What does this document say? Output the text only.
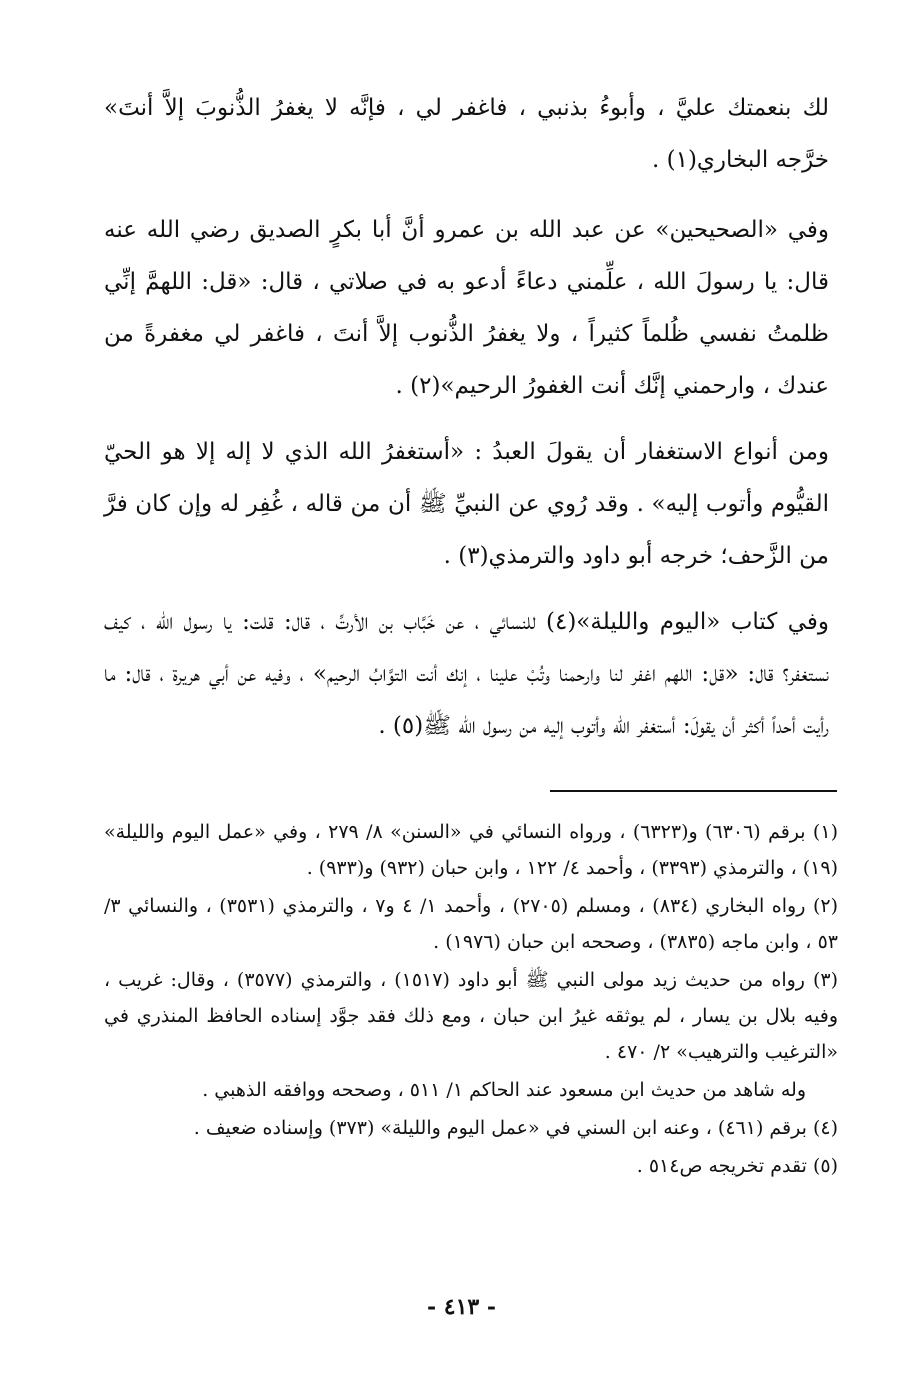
لك بنعمتك عليَّ ، وأبوءُ بذنبي ، فاغفر لي ، فإنَّه لا يغفرُ الذُّنوبَ إلاَّ أنتَ» خرَّجه البخاري(١) .

وفي «الصحيحين» عن عبد الله بن عمرو أنَّ أبا بكرٍ الصديق رضي الله عنه قال: يا رسولَ الله ، علِّمني دعاءً أدعو به في صلاتي ، قال: «قل: اللهمَّ إنِّي ظلمتُ نفسي ظُلماً كثيراً ، ولا يغفرُ الذُّنوب إلاَّ أنتَ ، فاغفر لي مغفرةً من عندك ، وارحمني إنَّك أنت الغفورُ الرحيم»(٢) .

ومن أنواع الاستغفار أن يقولَ العبدُ : «أستغفرُ الله الذي لا إله إلا هو الحيّ القيُّوم وأتوب إليه» . وقد رُوي عن النبيِّ ﷺ أن من قاله ، غُفِر له وإن كان فرَّ من الزَّحف؛ خرجه أبو داود والترمذي(٣) .

وفي كتاب «اليوم والليلة»(٤) للنسائي ، عن خَبَّاب بن الأرتِّ ، قال: قلت: يا رسول الله ، كيف نستغفر؟ قال: «قل: اللهم اغفر لنا وارحمنا وتُبْ علينا ، إنك أنت التوَّابُ الرحيم» ، وفيه عن أبي هريرة ، قال: ما رأيت أحداً أكثر أن يقولَ: أستغفر الله وأتوب إليه من رسول الله ﷺ(٥) .

(١) برقم (٦٣٠٦) و(٦٣٢٣) ، ورواه النسائي في «السنن» ٨/ ٢٧٩ ، وفي «عمل اليوم والليلة» (١٩) ، والترمذي (٣٣٩٣) ، وأحمد ٤/ ١٢٢ ، وابن حبان (٩٣٢) و(٩٣٣) .

(٢) رواه البخاري (٨٣٤) ، ومسلم (٢٧٠٥) ، وأحمد ١/ ٤ و٧ ، والترمذي (٣٥٣١) ، والنسائي ٣/ ٥٣ ، وابن ماجه (٣٨٣٥) ، وصححه ابن حبان (١٩٧٦) .

(٣) رواه من حديث زيد مولى النبي ﷺ أبو داود (١٥١٧) ، والترمذي (٣٥٧٧) ، وقال: غريب ، وفيه بلال بن يسار ، لم يوثقه غيرُ ابن حبان ، ومع ذلك فقد جوَّد إسناده الحافظ المنذري في «الترغيب والترهيب» ٢/ ٤٧٠ .

وله شاهد من حديث ابن مسعود عند الحاكم ١/ ٥١١ ، وصححه ووافقه الذهبي .

(٤) برقم (٤٦١) ، وعنه ابن السني في «عمل اليوم والليلة» (٣٧٣) وإسناده ضعيف .

(٥) تقدم تخريجه ص٥١٤ .

- ٤١٣ -
